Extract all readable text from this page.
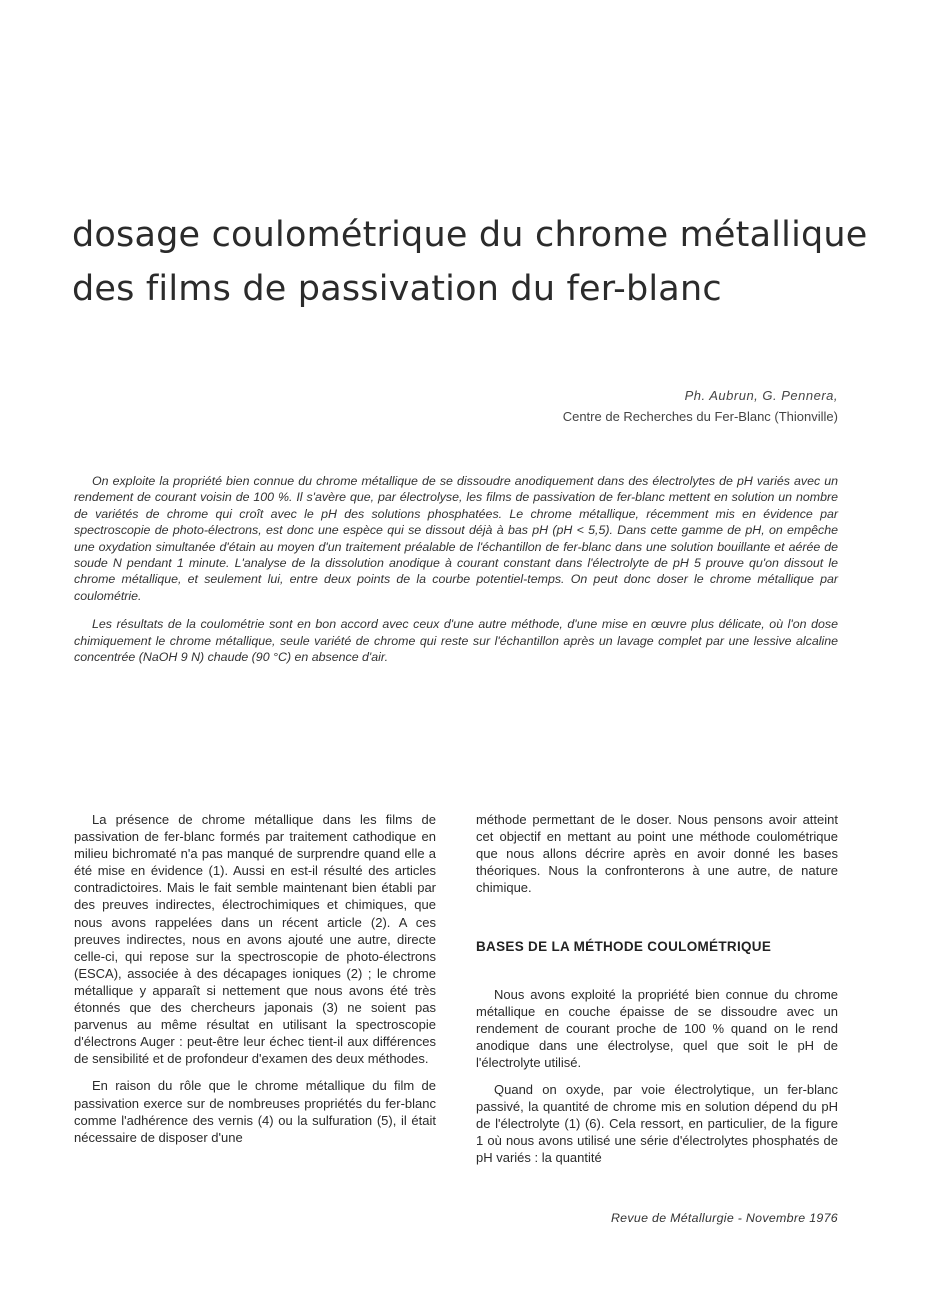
dosage coulométrique du chrome métallique
des films de passivation du fer-blanc
Ph. Aubrun, G. Pennera,
Centre de Recherches du Fer-Blanc (Thionville)

On exploite la propriété bien connue du chrome métallique de se dissoudre anodiquement dans des électrolytes de pH variés avec un rendement de courant voisin de 100 %. Il s'avère que, par électrolyse, les films de passivation de fer-blanc mettent en solution un nombre de variétés de chrome qui croît avec le pH des solutions phosphatées. Le chrome métallique, récemment mis en évidence par spectroscopie de photo-électrons, est donc une espèce qui se dissout déjà à bas pH (pH < 5,5). Dans cette gamme de pH, on empêche une oxydation simultanée d'étain au moyen d'un traitement préalable de l'échantillon de fer-blanc dans une solution bouillante et aérée de soude N pendant 1 minute. L'analyse de la dissolution anodique à courant constant dans l'électrolyte de pH 5 prouve qu'on dissout le chrome métallique, et seulement lui, entre deux points de la courbe potentiel-temps. On peut donc doser le chrome métallique par coulométrie.

Les résultats de la coulométrie sont en bon accord avec ceux d'une autre méthode, d'une mise en œuvre plus délicate, où l'on dose chimiquement le chrome métallique, seule variété de chrome qui reste sur l'échantillon après un lavage complet par une lessive alcaline concentrée (NaOH 9 N) chaude (90 °C) en absence d'air.

La présence de chrome métallique dans les films de passivation de fer-blanc formés par traitement cathodique en milieu bichromaté n'a pas manqué de surprendre quand elle a été mise en évidence (1). Aussi en est-il résulté des articles contradictoires. Mais le fait semble maintenant bien établi par des preuves indirectes, électrochimiques et chimiques, que nous avons rappelées dans un récent article (2). A ces preuves indirectes, nous en avons ajouté une autre, directe celle-ci, qui repose sur la spectroscopie de photo-électrons (ESCA), associée à des décapages ioniques (2) ; le chrome métallique y apparaît si nettement que nous avons été très étonnés que des chercheurs japonais (3) ne soient pas parvenus au même résultat en utilisant la spectroscopie d'électrons Auger : peut-être leur échec tient-il aux différences de sensibilité et de profondeur d'examen des deux méthodes.

En raison du rôle que le chrome métallique du film de passivation exerce sur de nombreuses propriétés du fer-blanc comme l'adhérence des vernis (4) ou la sulfuration (5), il était nécessaire de disposer d'une

méthode permettant de le doser. Nous pensons avoir atteint cet objectif en mettant au point une méthode coulométrique que nous allons décrire après en avoir donné les bases théoriques. Nous la confronterons à une autre, de nature chimique.

BASES DE LA MÉTHODE COULOMÉTRIQUE

Nous avons exploité la propriété bien connue du chrome métallique en couche épaisse de se dissoudre avec un rendement de courant proche de 100 % quand on le rend anodique dans une électrolyse, quel que soit le pH de l'électrolyte utilisé.

Quand on oxyde, par voie électrolytique, un fer-blanc passivé, la quantité de chrome mis en solution dépend du pH de l'électrolyte (1) (6). Cela ressort, en particulier, de la figure 1 où nous avons utilisé une série d'électrolytes phosphatés de pH variés : la quantité

Revue de Métallurgie - Novembre 1976
